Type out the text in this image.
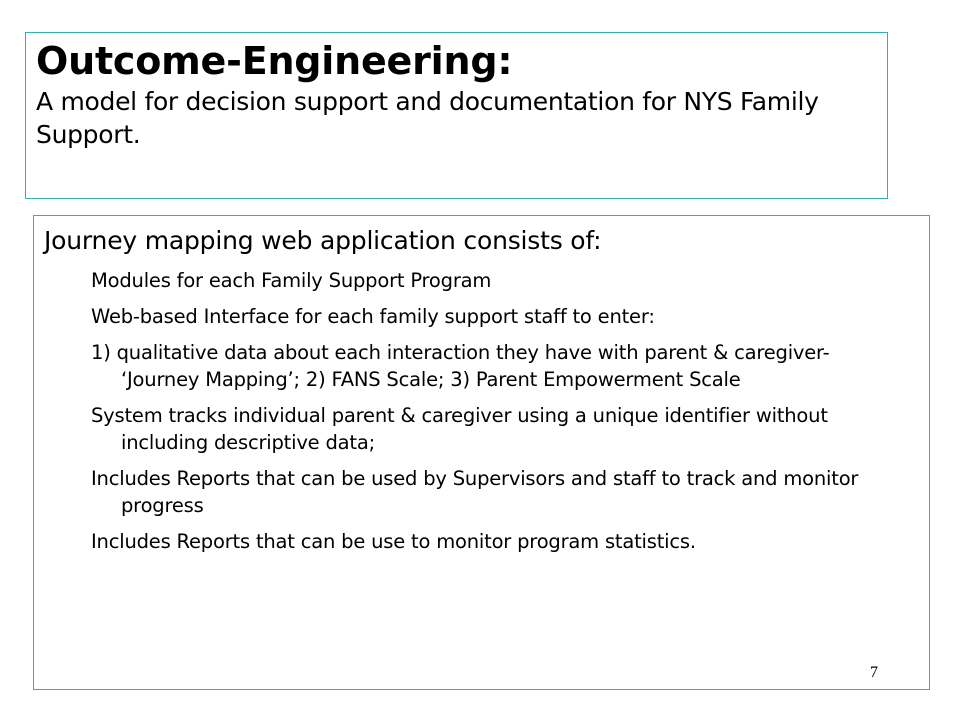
Outcome-Engineering:

A model for decision support and documentation for NYS Family Support.

Journey mapping web application consists of:

Modules for each Family Support Program
Web-based Interface for each family support staff to enter:
1) qualitative data about each interaction they have with parent & caregiver- ‘Journey Mapping’; 2) FANS Scale; 3) Parent Empowerment Scale
System tracks individual parent & caregiver using a unique identifier without including descriptive data;
Includes Reports that can be used by Supervisors and staff to track and monitor progress
Includes Reports that can be use to monitor program statistics.
7
